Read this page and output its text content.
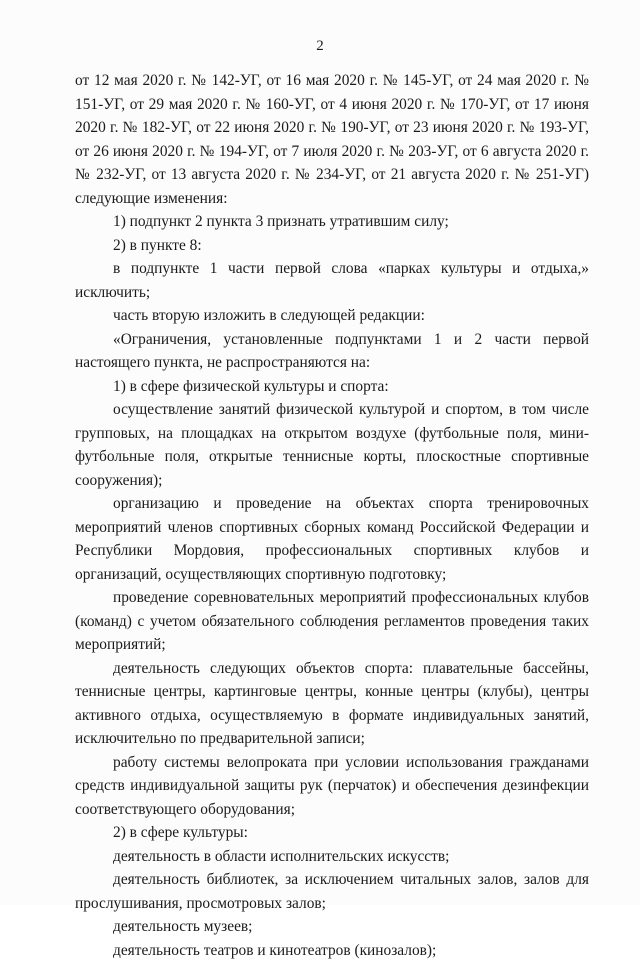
2

от 12 мая 2020 г. № 142-УГ, от 16 мая 2020 г. № 145-УГ, от 24 мая 2020 г. № 151-УГ, от 29 мая 2020 г. № 160-УГ, от 4 июня 2020 г. № 170-УГ, от 17 июня 2020 г. № 182-УГ, от 22 июня 2020 г. № 190-УГ, от 23 июня 2020 г. № 193-УГ, от 26 июня 2020 г. № 194-УГ, от 7 июля 2020 г. № 203-УГ, от 6 августа 2020 г. № 232-УГ, от 13 августа 2020 г. № 234-УГ, от 21 августа 2020 г. № 251-УГ) следующие изменения:

1) подпункт 2 пункта 3 признать утратившим силу;

2) в пункте 8:

в подпункте 1 части первой слова «парках культуры и отдыха,» исключить;

часть вторую изложить в следующей редакции:

«Ограничения, установленные подпунктами 1 и 2 части первой настоящего пункта, не распространяются на:

1) в сфере физической культуры и спорта:

осуществление занятий физической культурой и спортом, в том числе групповых, на площадках на открытом воздухе (футбольные поля, мини-футбольные поля, открытые теннисные корты, плоскостные спортивные сооружения);

организацию и проведение на объектах спорта тренировочных мероприятий членов спортивных сборных команд Российской Федерации и Республики Мордовия, профессиональных спортивных клубов и организаций, осуществляющих спортивную подготовку;

проведение соревновательных мероприятий профессиональных клубов (команд) с учетом обязательного соблюдения регламентов проведения таких мероприятий;

деятельность следующих объектов спорта: плавательные бассейны, теннисные центры, картинговые центры, конные центры (клубы), центры активного отдыха, осуществляемую в формате индивидуальных занятий, исключительно по предварительной записи;

работу системы велопроката при условии использования гражданами средств индивидуальной защиты рук (перчаток) и обеспечения дезинфекции соответствующего оборудования;

2) в сфере культуры:

деятельность в области исполнительских искусств;

деятельность библиотек, за исключением читальных залов, залов для прослушивания, просмотровых залов;

деятельность музеев;

деятельность театров и кинотеатров (кинозалов);
